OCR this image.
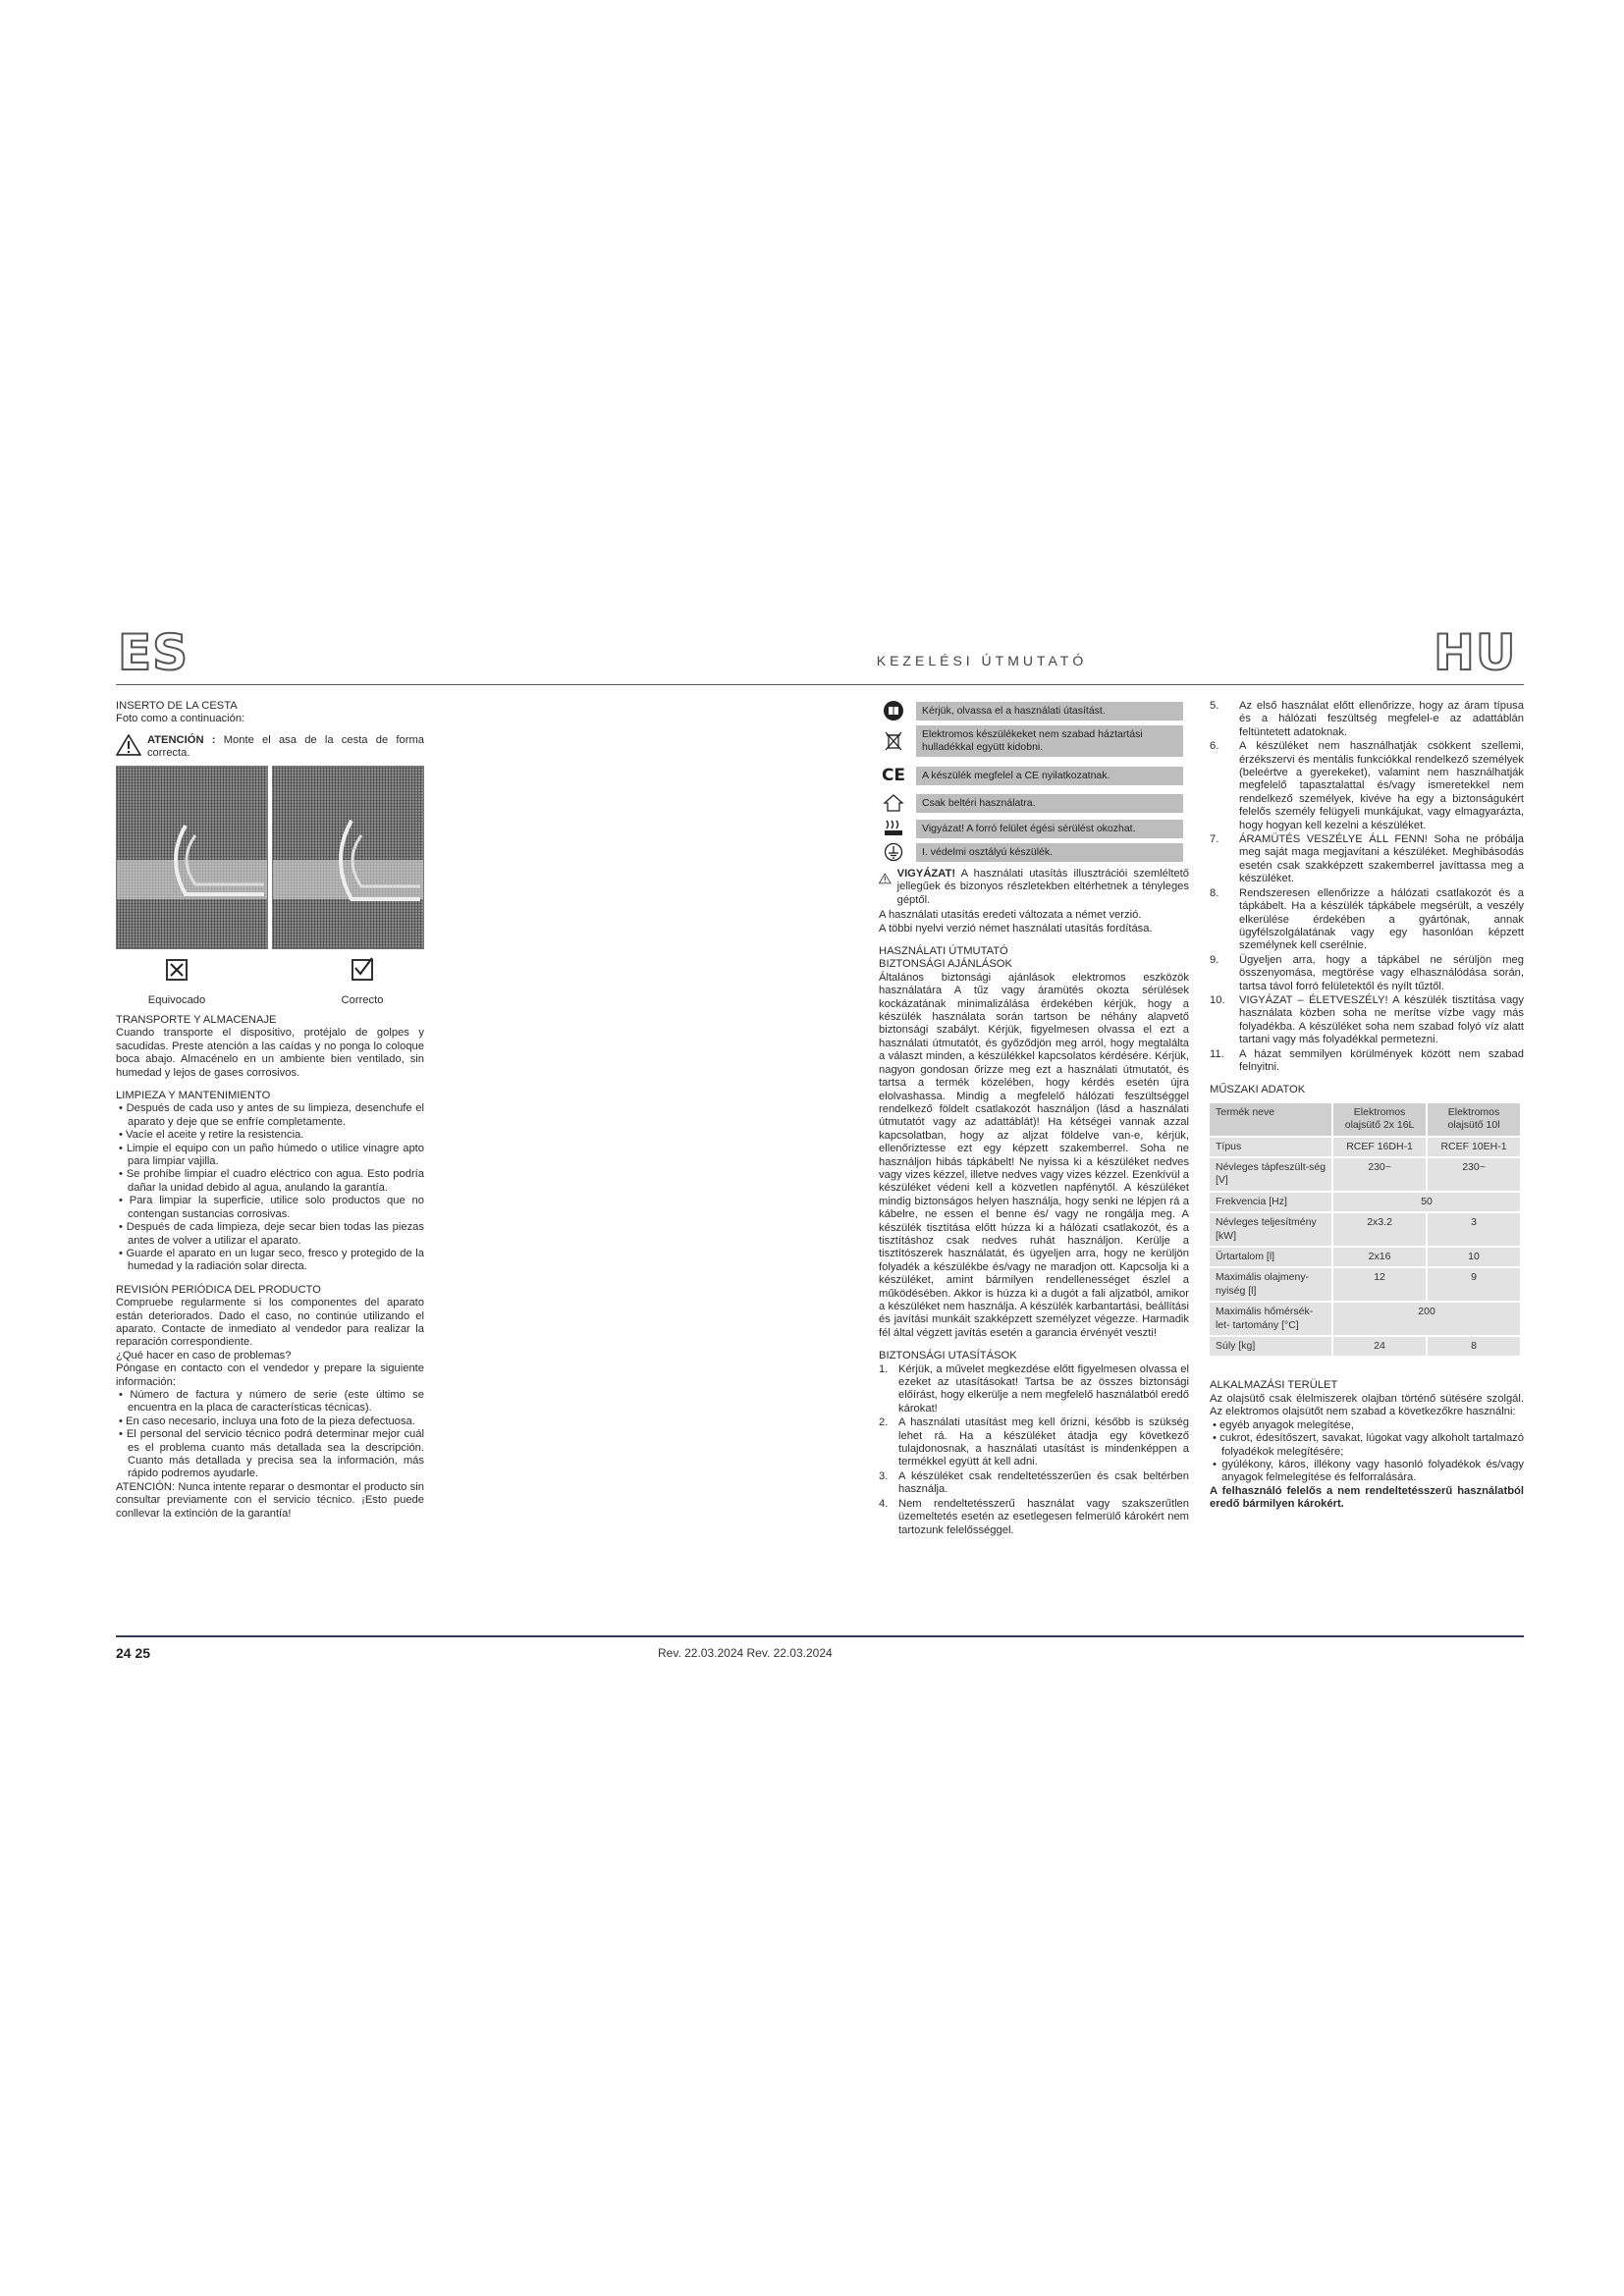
ES	HU
KEZELÉSI ÚTMUTATÓ

INSERTO DE LA CESTA

Foto como a continuación:

ATENCIÓN : Monte el asa de la cesta de forma correcta.

Equivocado	Correcto

TRANSPORTE Y ALMACENAJE

Cuando transporte el dispositivo, protéjalo de golpes y sacudidas. Preste atención a las caídas y no ponga lo coloque boca abajo. Almacénelo en un ambiente bien ventilado, sin humedad y lejos de gases corrosivos.

LIMPIEZA Y MANTENIMIENTO

• Después de cada uso y antes de su limpieza, desenchufe el aparato y deje que se enfríe completamente.

• Vacíe el aceite y retire la resistencia.

• Limpie el equipo con un paño húmedo o utilice vinagre apto para limpiar vajilla.

• Se prohíbe limpiar el cuadro eléctrico con agua. Esto podría dañar la unidad debido al agua, anulando la garantía.

• Para limpiar la superficie, utilice solo productos que no contengan sustancias corrosivas.

• Después de cada limpieza, deje secar bien todas las piezas antes de volver a utilizar el aparato.

• Guarde el aparato en un lugar seco, fresco y protegido de la humedad y la radiación solar directa.

REVISIÓN PERIÓDICA DEL PRODUCTO

Compruebe regularmente si los componentes del aparato están deteriorados. Dado el caso, no continúe utilizando el aparato. Contacte de inmediato al vendedor para realizar la reparación correspondiente.

¿Qué hacer en caso de problemas?

Póngase en contacto con el vendedor y prepare la siguiente información:

• Número de factura y número de serie (este último se encuentra en la placa de características técnicas).

• En caso necesario, incluya una foto de la pieza defectuosa.

• El personal del servicio técnico podrá determinar mejor cuál es el problema cuanto más detallada sea la descripción. Cuanto más detallada y precisa sea la información, más rápido podremos ayudarle.

ATENCIÓN: Nunca intente reparar o desmontar el producto sin consultar previamente con el servicio técnico. ¡Esto puede conllevar la extinción de la garantía!

Kérjük, olvassa el a használati útasítást.
Elektromos készülékeket nem szabad háztartási hulladékkal együtt kidobni.
CE	A készülék megfelel a CE nyilatkozatnak.
Csak beltéri használatra.
Vigyázat! A forró felület égési sérülést okozhat.
I. védelmi osztályú készülék.

VIGYÁZAT! A használati utasítás illusztrációi szemléltető jellegűek és bizonyos részletekben eltérhetnek a tényleges géptől.

A használati utasítás eredeti változata a német verzió.

A többi nyelvi verzió német használati utasítás fordítása.

HASZNÁLATI ÚTMUTATÓ

BIZTONSÁGI AJÁNLÁSOK

Általános biztonsági ajánlások elektromos eszközök használatára A tűz vagy áramütés okozta sérülések kockázatának minimalizálása érdekében kérjük, hogy a készülék használata során tartson be néhány alapvető biztonsági szabályt. Kérjük, figyelmesen olvassa el ezt a használati útmutatót, és győződjön meg arról, hogy megtalálta a választ minden, a készülékkel kapcsolatos kérdésére. Kérjük, nagyon gondosan őrizze meg ezt a használati útmutatót, és tartsa a termék közelében, hogy kérdés esetén újra elolvashassa. Mindig a megfelelő hálózati feszültséggel rendelkező földelt csatlakozót használjon (lásd a használati útmutatót vagy az adattáblát)! Ha kétségei vannak azzal kapcsolatban, hogy az aljzat földelve van-e, kérjük, ellenőriztesse ezt egy képzett szakemberrel. Soha ne használjon hibás tápkábelt! Ne nyissa ki a készüléket nedves vagy vizes kézzel, illetve nedves vagy vizes kézzel. Ezenkívül a készüléket védeni kell a közvetlen napfénytől. A készüléket mindig biztonságos helyen használja, hogy senki ne lépjen rá a kábelre, ne essen el benne és/ vagy ne rongálja meg. A készülék tisztítása előtt húzza ki a hálózati csatlakozót, és a tisztításhoz csak nedves ruhát használjon. Kerülje a tisztítószerek használatát, és ügyeljen arra, hogy ne kerüljön folyadék a készülékbe és/vagy ne maradjon ott. Kapcsolja ki a készüléket, amint bármilyen rendellenességet észlel a működésében. Akkor is húzza ki a dugót a fali aljzatból, amikor a készüléket nem használja. A készülék karbantartási, beállítási és javítási munkáit szakképzett személyzet végezze. Harmadik fél által végzett javítás esetén a garancia érvényét veszti!

BIZTONSÁGI UTASÍTÁSOK

1. Kérjük, a művelet megkezdése előtt figyelmesen olvassa el ezeket az utasításokat! Tartsa be az összes biztonsági előírást, hogy elkerülje a nem megfelelő használatból eredő károkat!
2. A használati utasítást meg kell őrizni, később is szükség lehet rá. Ha a készüléket átadja egy következő tulajdonosnak, a használati utasítást is mindenképpen a termékkel együtt át kell adni.
3. A készüléket csak rendeltetésszerűen és csak beltérben használja.
4. Nem rendeltetésszerű használat vagy szakszerűtlen üzemeltetés esetén az esetlegesen felmerülő károkért nem tartozunk felelősséggel.
5.	Az első használat előtt ellenőrizze, hogy az áram típusa és a hálózati feszültség megfelel-e az adattáblán feltüntetett adatoknak.
6.	A készüléket nem használhatják csökkent szellemi, érzékszervi és mentális funkciókkal rendelkező személyek (beleértve a gyerekeket), valamint nem használhatják megfelelő tapasztalattal és/vagy ismeretekkel nem rendelkező személyek, kivéve ha egy a biztonságukért felelős személy felügyeli munkájukat, vagy elmagyarázta, hogy hogyan kell kezelni a készüléket.
7.	ÁRAMÜTÉS VESZÉLYE ÁLL FENN! Soha ne próbálja meg saját maga megjavítani a készüléket. Meghibásodás esetén csak szakképzett szakemberrel javíttassa meg a készüléket.
8.	Rendszeresen ellenőrizze a hálózati csatlakozót és a tápkábelt. Ha a készülék tápkábele megsérült, a veszély elkerülése érdekében a gyártónak, annak ügyfélszolgálatának vagy egy hasonlóan képzett személynek kell cserélnie.
9.	Ügyeljen arra, hogy a tápkábel ne sérüljön meg összenyomása, megtörése vagy elhasználódása során, tartsa távol forró felületektől és nyílt tűztől.
10.	VIGYÁZAT – ÉLETVESZÉLY! A készülék tisztítása vagy használata közben soha ne merítse vízbe vagy más folyadékba. A készüléket soha nem szabad folyó víz alatt tartani vagy más folyadékkal permetezni.
11.	A házat semmilyen körülmények között nem szabad felnyitni.

MŰSZAKI ADATOK

Termék neve	Elektromos olajsütő 2x 16L	Elektromos olajsütő 10l
Típus	RCEF 16DH-1	RCEF 10EH-1
Névleges tápfeszült-ség [V]	230~	230~
Frekvencia [Hz]	50	
Névleges teljesítmény [kW]	2x3.2	3
Űrtartalom [l]	2x16	10
Maximális olajmeny-nyiség [l]	12	9
Maximális hőmérsék-let- tartomány [°C]	200	
Súly [kg]	24	8

ALKALMAZÁSI TERÜLET

Az olajsütő csak élelmiszerek olajban történő sütésére szolgál. Az elektromos olajsütőt nem szabad a következőkre használni:

• egyéb anyagok melegítése,

• cukrot, édesítőszert, savakat, lúgokat vagy alkoholt tartalmazó folyadékok melegítésére;

• gyúlékony, káros, illékony vagy hasonló folyadékok és/vagy anyagok felmelegítése és felforralására.

A felhasználó felelős a nem rendeltetésszerű használatból eredő bármilyen károkért.

24 25	Rev. 22.03.2024 Rev. 22.03.2024
